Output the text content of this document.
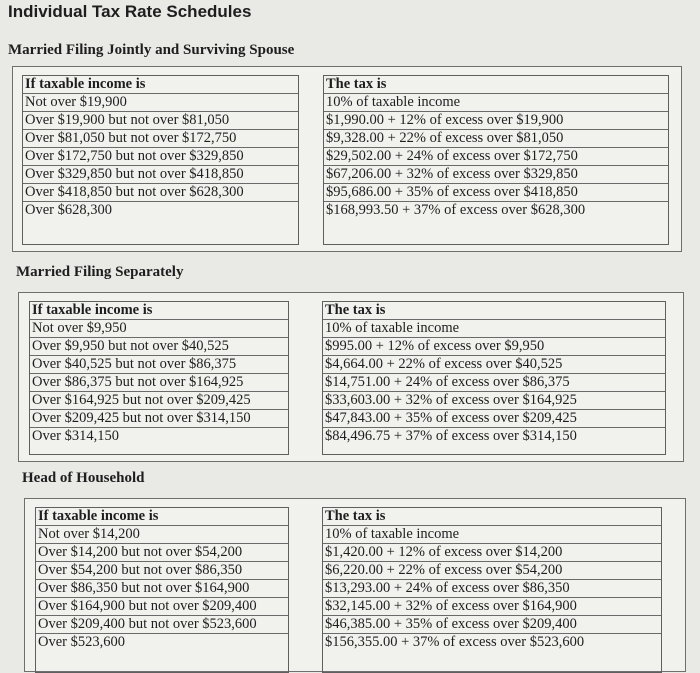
Individual Tax Rate Schedules
Married Filing Jointly and Surviving Spouse
If taxable income is
Not over $19,900
Over $19,900 but not over $81,050
Over $81,050 but not over $172,750
Over $172,750 but not over $329,850
Over $329,850 but not over $418,850
Over $418,850 but not over $628,300
Over $628,300
The tax is
10% of taxable income
$1,990.00 + 12% of excess over $19,900
$9,328.00 + 22% of excess over $81,050
$29,502.00 + 24% of excess over $172,750
$67,206.00 + 32% of excess over $329,850
$95,686.00 + 35% of excess over $418,850
$168,993.50 + 37% of excess over $628,300
Married Filing Separately
If taxable income is
Not over $9,950
Over $9,950 but not over $40,525
Over $40,525 but not over $86,375
Over $86,375 but not over $164,925
Over $164,925 but not over $209,425
Over $209,425 but not over $314,150
Over $314,150
The tax is
10% of taxable income
$995.00 + 12% of excess over $9,950
$4,664.00 + 22% of excess over $40,525
$14,751.00 + 24% of excess over $86,375
$33,603.00 + 32% of excess over $164,925
$47,843.00 + 35% of excess over $209,425
$84,496.75 + 37% of excess over $314,150
Head of Household
If taxable income is
Not over $14,200
Over $14,200 but not over $54,200
Over $54,200 but not over $86,350
Over $86,350 but not over $164,900
Over $164,900 but not over $209,400
Over $209,400 but not over $523,600
Over $523,600
The tax is
10% of taxable income
$1,420.00 + 12% of excess over $14,200
$6,220.00 + 22% of excess over $54,200
$13,293.00 + 24% of excess over $86,350
$32,145.00 + 32% of excess over $164,900
$46,385.00 + 35% of excess over $209,400
$156,355.00 + 37% of excess over $523,600
